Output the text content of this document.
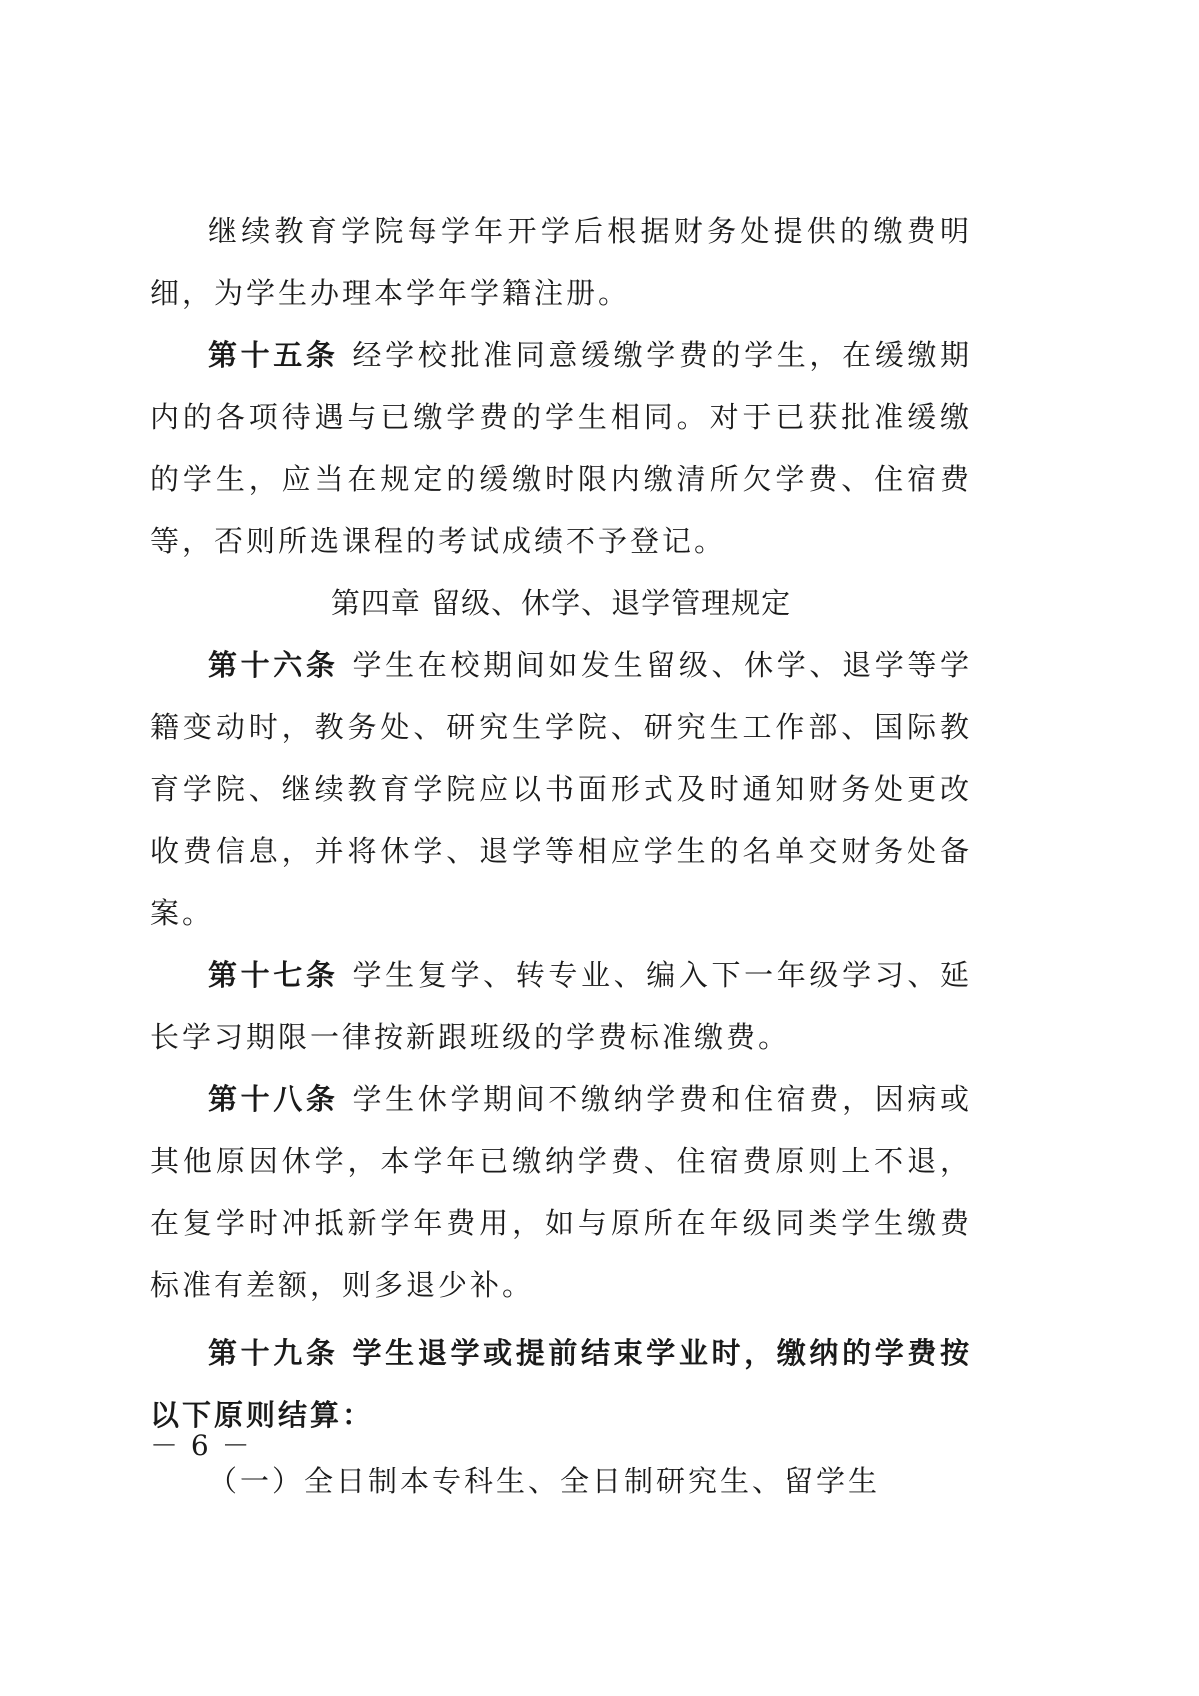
继续教育学院每学年开学后根据财务处提供的缴费明细，为学生办理本学年学籍注册。

第十五条 经学校批准同意缓缴学费的学生，在缓缴期内的各项待遇与已缴学费的学生相同。对于已获批准缓缴的学生，应当在规定的缓缴时限内缴清所欠学费、住宿费等，否则所选课程的考试成绩不予登记。

第四章 留级、休学、退学管理规定

第十六条 学生在校期间如发生留级、休学、退学等学籍变动时，教务处、研究生学院、研究生工作部、国际教育学院、继续教育学院应以书面形式及时通知财务处更改收费信息，并将休学、退学等相应学生的名单交财务处备案。

第十七条 学生复学、转专业、编入下一年级学习、延长学习期限一律按新跟班级的学费标准缴费。

第十八条 学生休学期间不缴纳学费和住宿费，因病或其他原因休学，本学年已缴纳学费、住宿费原则上不退，在复学时冲抵新学年费用，如与原所在年级同类学生缴费标准有差额，则多退少补。

第十九条 学生退学或提前结束学业时，缴纳的学费按以下原则结算：

（一）全日制本专科生、全日制研究生、留学生

－ 6 －
